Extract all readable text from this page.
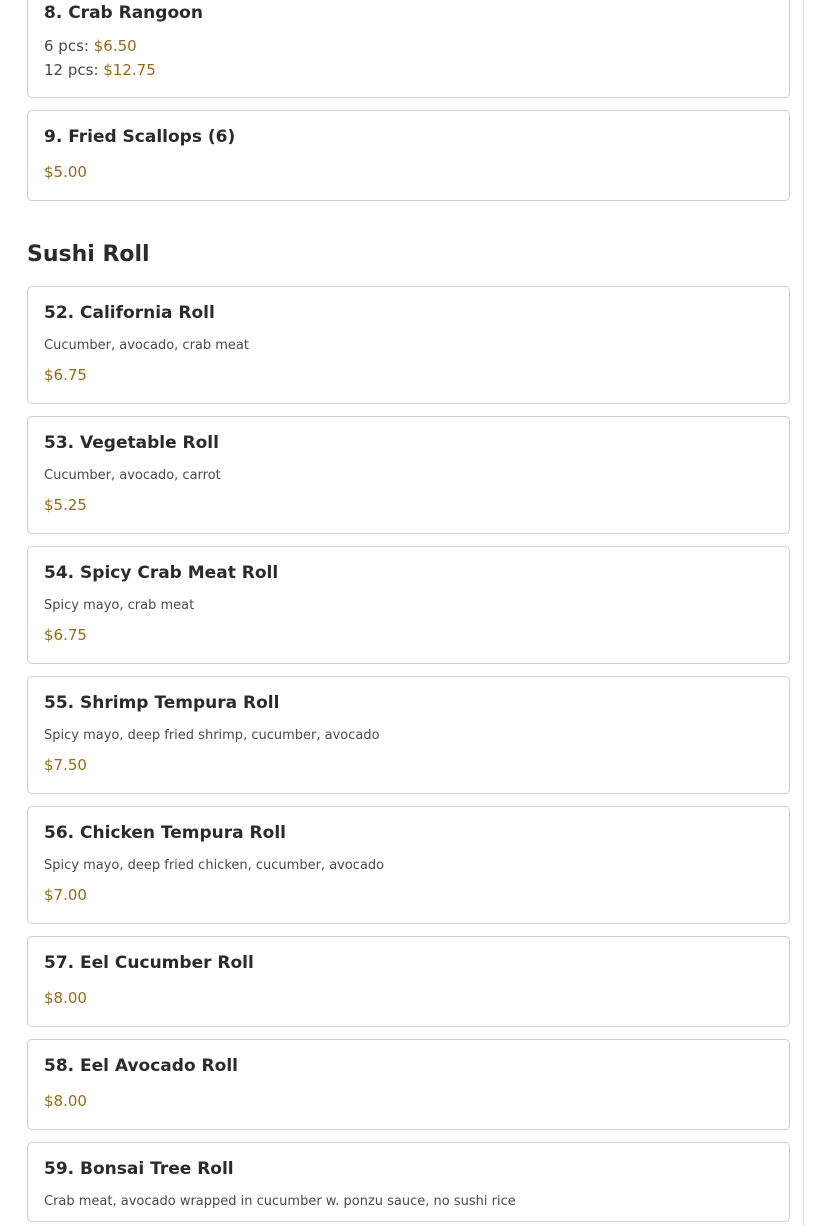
8. Crab Rangoon
6 pcs: $6.50
12 pcs: $12.75
9. Fried Scallops (6)
$5.00
Sushi Roll
52. California Roll
Cucumber, avocado, crab meat
$6.75
53. Vegetable Roll
Cucumber, avocado, carrot
$5.25
54. Spicy Crab Meat Roll
Spicy mayo, crab meat
$6.75
55. Shrimp Tempura Roll
Spicy mayo, deep fried shrimp, cucumber, avocado
$7.50
56. Chicken Tempura Roll
Spicy mayo, deep fried chicken, cucumber, avocado
$7.00
57. Eel Cucumber Roll
$8.00
58. Eel Avocado Roll
$8.00
59. Bonsai Tree Roll
Crab meat, avocado wrapped in cucumber w. ponzu sauce, no sushi rice
